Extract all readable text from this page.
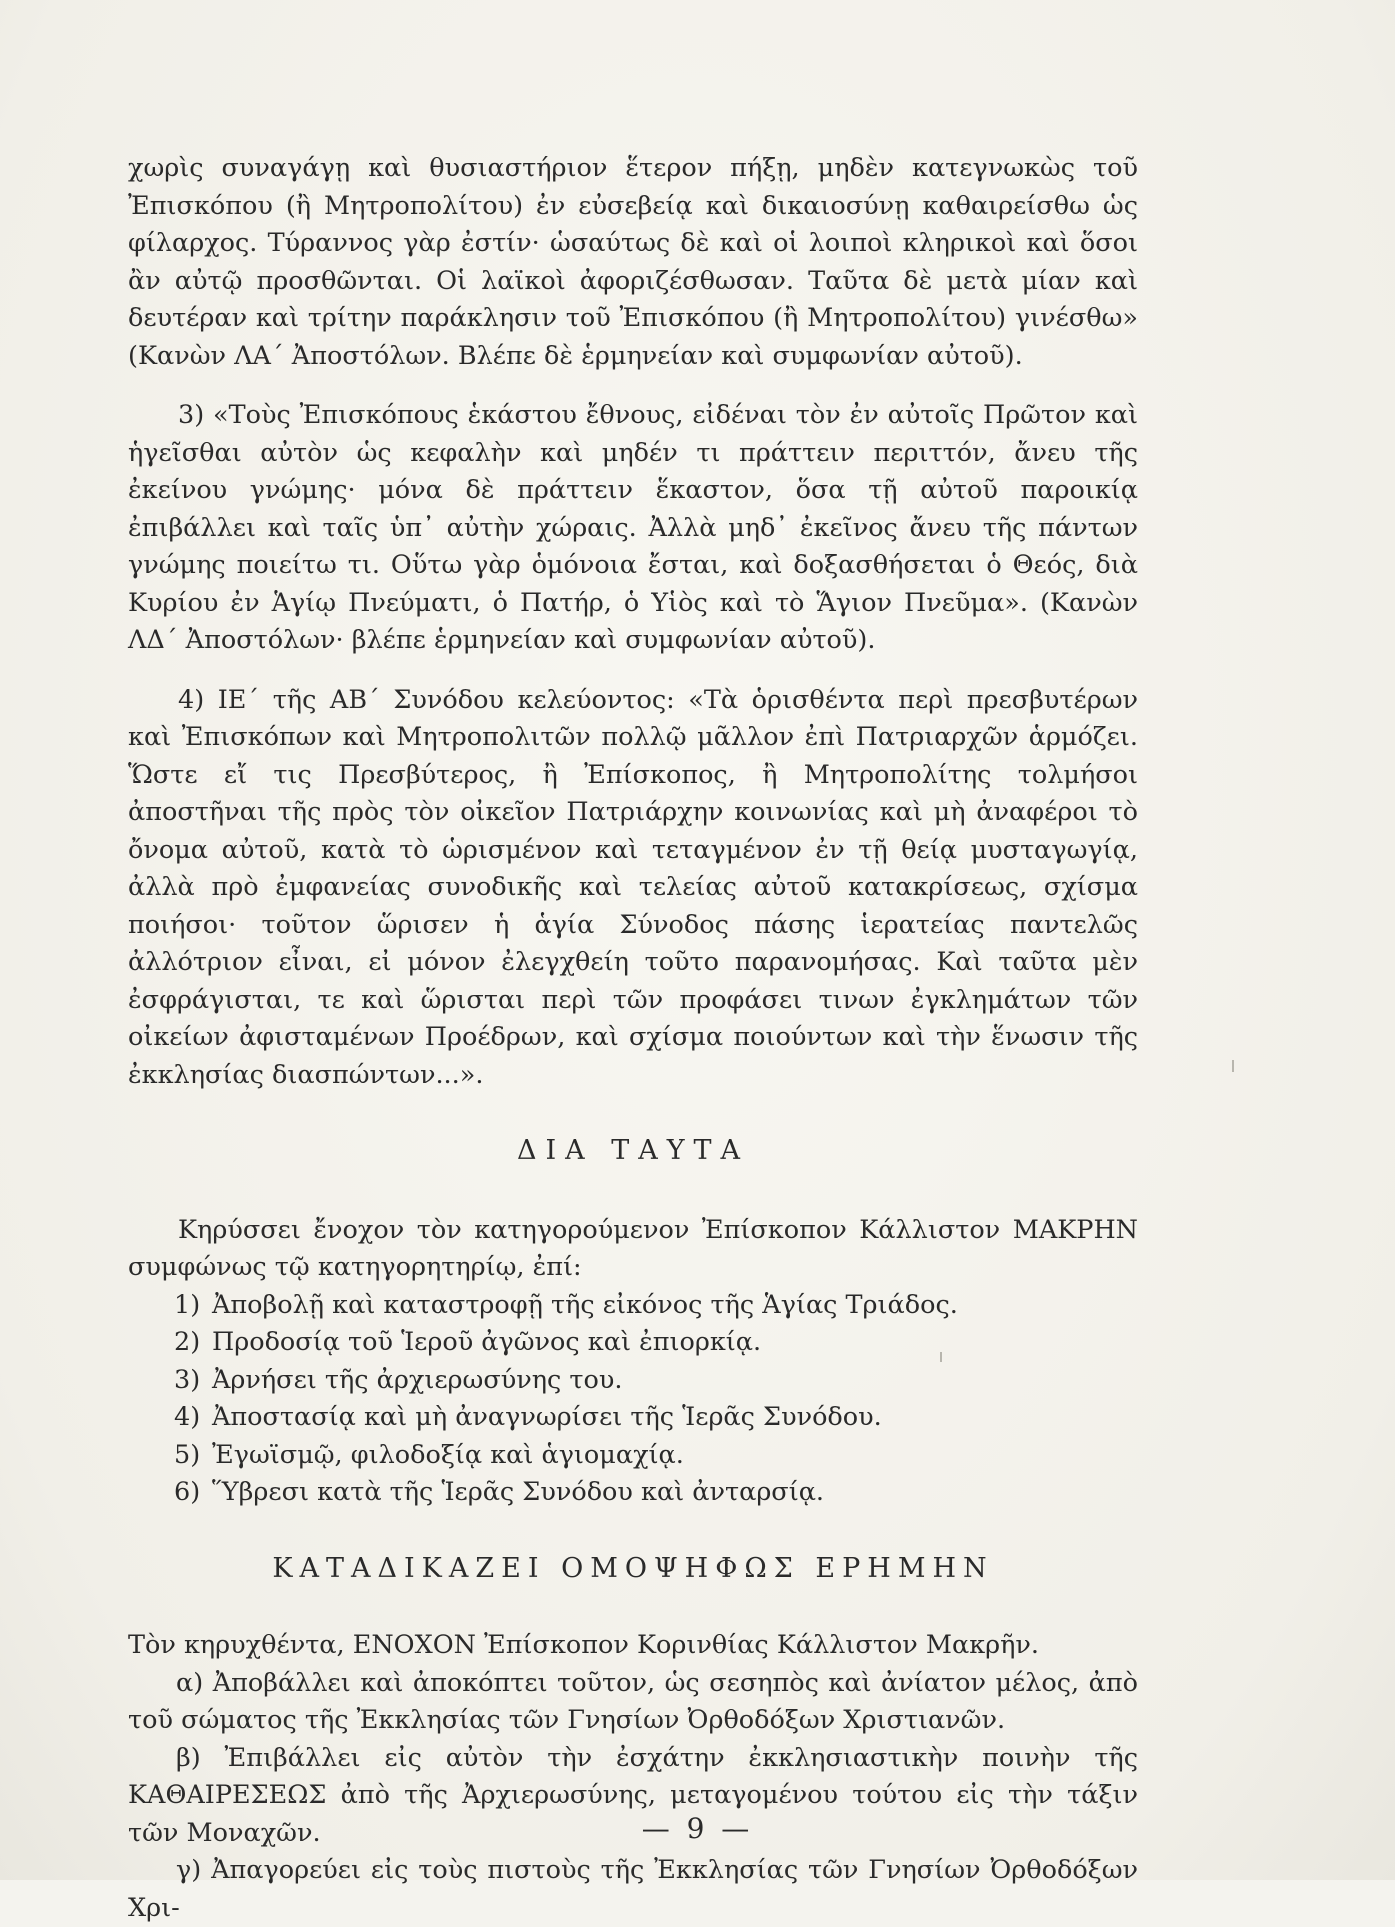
χωρὶς συναγάγῃ καὶ θυσιαστήριον ἕτερον πήξῃ, μηδὲν κατεγνωκὼς τοῦ Ἐπισκόπου (ἢ Μητροπολίτου) ἐν εὐσεβείᾳ καὶ δικαιοσύνῃ καθαιρείσθω ὡς φίλαρχος. Τύραννος γὰρ ἐστίν· ὡσαύτως δὲ καὶ οἱ λοιποὶ κληρικοὶ καὶ ὅσοι ἂν αὐτῷ προσθῶνται. Οἱ λαϊκοὶ ἀφοριζέσθωσαν. Ταῦτα δὲ μετὰ μίαν καὶ δευτέραν καὶ τρίτην παράκλησιν τοῦ Ἐπισκόπου (ἢ Μητροπολίτου) γινέσθω» (Κανὼν ΛΑ΄ Ἀποστόλων. Βλέπε δὲ ἑρμηνείαν καὶ συμφωνίαν αὐτοῦ).

3) «Τοὺς Ἐπισκόπους ἑκάστου ἔθνους, εἰδέναι τὸν ἐν αὐτοῖς Πρῶτον καὶ ἡγεῖσθαι αὐτὸν ὡς κεφαλὴν καὶ μηδέν τι πράττειν περιττόν, ἄνευ τῆς ἐκείνου γνώμης· μόνα δὲ πράττειν ἕκαστον, ὅσα τῇ αὐτοῦ παροικίᾳ ἐπιβάλλει καὶ ταῖς ὑπ᾿ αὐτὴν χώραις. Ἀλλὰ μηδ᾿ ἐκεῖνος ἄνευ τῆς πάντων γνώμης ποιείτω τι. Οὕτω γὰρ ὁμόνοια ἔσται, καὶ δοξασθήσεται ὁ Θεός, διὰ Κυρίου ἐν Ἁγίῳ Πνεύματι, ὁ Πατήρ, ὁ Υἱὸς καὶ τὸ Ἅγιον Πνεῦμα». (Κανὼν ΛΔ΄ Ἀποστόλων· βλέπε ἑρμηνείαν καὶ συμφωνίαν αὐτοῦ).

4) ΙΕ΄ τῆς ΑΒ΄ Συνόδου κελεύοντος: «Τὰ ὁρισθέντα περὶ πρεσβυτέρων καὶ Ἐπισκόπων καὶ Μητροπολιτῶν πολλῷ μᾶλλον ἐπὶ Πατριαρχῶν ἁρμόζει. Ὥστε εἴ τις Πρεσβύτερος, ἢ Ἐπίσκοπος, ἢ Μητροπολίτης τολμήσοι ἀποστῆναι τῆς πρὸς τὸν οἰκεῖον Πατριάρχην κοινωνίας καὶ μὴ ἀναφέροι τὸ ὄνομα αὐτοῦ, κατὰ τὸ ὡρισμένον καὶ τεταγμένον ἐν τῇ θείᾳ μυσταγωγίᾳ, ἀλλὰ πρὸ ἐμφανείας συνοδικῆς καὶ τελείας αὐτοῦ κατακρίσεως, σχίσμα ποιήσοι· τοῦτον ὥρισεν ἡ ἁγία Σύνοδος πάσης ἱερατείας παντελῶς ἀλλότριον εἶναι, εἰ μόνον ἐλεγχθείη τοῦτο παρανομήσας. Καὶ ταῦτα μὲν ἐσφράγισται, τε καὶ ὥρισται περὶ τῶν προφάσει τινων ἐγκλημάτων τῶν οἰκείων ἀφισταμένων Προέδρων, καὶ σχίσμα ποιούντων καὶ τὴν ἕνωσιν τῆς ἐκκλησίας διασπώντων...».

ΔΙΑ ΤΑΥΤΑ

Κηρύσσει ἔνοχον τὸν κατηγορούμενον Ἐπίσκοπον Κάλλιστον ΜΑΚΡΗΝ συμφώνως τῷ κατηγορητηρίῳ, ἐπί:

1) Ἀποβολῇ καὶ καταστροφῇ τῆς εἰκόνος τῆς Ἁγίας Τριάδος.

2) Προδοσίᾳ τοῦ Ἱεροῦ ἀγῶνος καὶ ἐπιορκίᾳ.

3) Ἀρνήσει τῆς ἀρχιερωσύνης του.

4) Ἀποστασίᾳ καὶ μὴ ἀναγνωρίσει τῆς Ἱερᾶς Συνόδου.

5) Ἐγωϊσμῷ, φιλοδοξίᾳ καὶ ἁγιομαχίᾳ.

6) Ὕβρεσι κατὰ τῆς Ἱερᾶς Συνόδου καὶ ἀνταρσίᾳ.

ΚΑΤΑΔΙΚΑΖΕΙ ΟΜΟΨΗΦΩΣ ΕΡΗΜΗΝ

Τὸν κηρυχθέντα, ΕΝΟΧΟΝ Ἐπίσκοπον Κορινθίας Κάλλιστον Μακρῆν.

α) Ἀποβάλλει καὶ ἀποκόπτει τοῦτον, ὡς σεσηπὸς καὶ ἀνίατον μέλος, ἀπὸ τοῦ σώματος τῆς Ἐκκλησίας τῶν Γνησίων Ὀρθοδόξων Χριστιανῶν.

β) Ἐπιβάλλει εἰς αὐτὸν τὴν ἐσχάτην ἐκκλησιαστικὴν ποινὴν τῆς ΚΑΘΑΙΡΕΣΕΩΣ ἀπὸ τῆς Ἀρχιερωσύνης, μεταγομένου τούτου εἰς τὴν τάξιν τῶν Μοναχῶν.

γ) Ἀπαγορεύει εἰς τοὺς πιστοὺς τῆς Ἐκκλησίας τῶν Γνησίων Ὀρθοδόξων Χρι-

— 9 —
